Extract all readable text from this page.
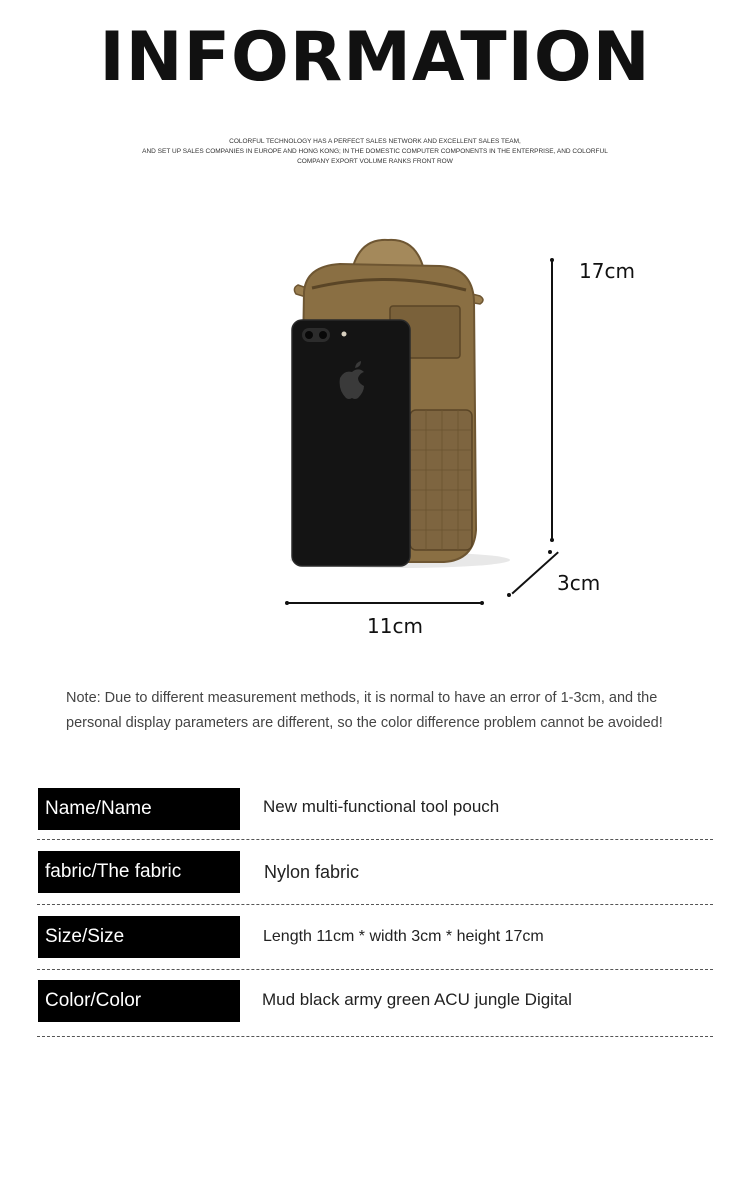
INFORMATION
COLORFUL TECHNOLOGY HAS A PERFECT SALES NETWORK AND EXCELLENT SALES TEAM,
AND SET UP SALES COMPANIES IN EUROPE AND HONG KONG; IN THE DOMESTIC COMPUTER COMPONENTS IN THE ENTERPRISE, AND COLORFUL
COMPANY EXPORT VOLUME RANKS FRONT ROW
17cm
3cm
11cm
Note: Due to different measurement methods, it is normal to have an error of 1-3cm, and the personal display parameters are different, so the color difference problem cannot be avoided!
Name/Name	New multi-functional tool pouch
fabric/The fabric	Nylon fabric
Size/Size	Length 11cm * width 3cm * height 17cm
Color/Color	Mud black army green ACU jungle Digital
